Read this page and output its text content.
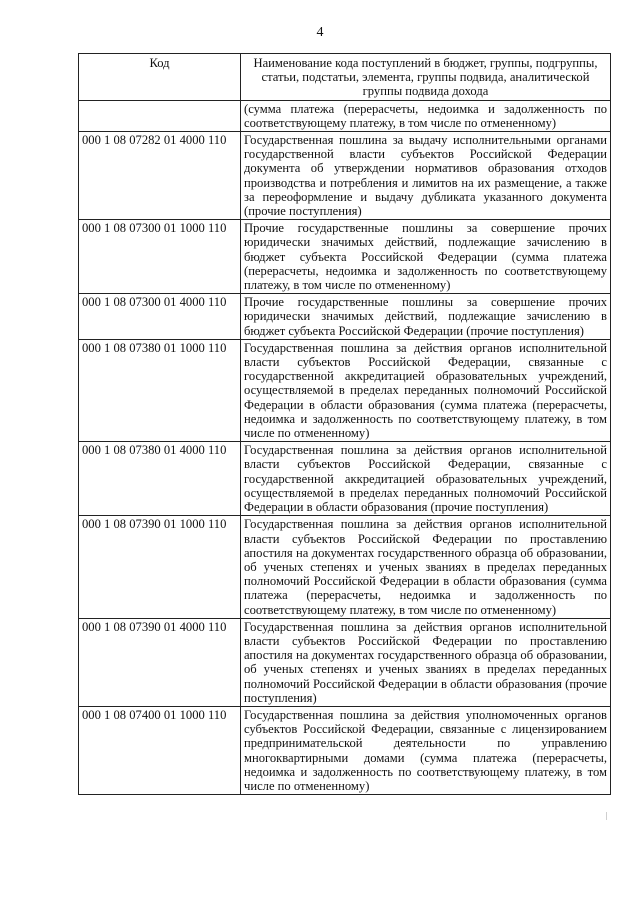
4
Код	Наименование кода поступлений в бюджет, группы, подгруппы, статьи, подстатьи, элемента, группы подвида, аналитической группы подвида дохода
	(сумма платежа (перерасчеты, недоимка и задолженность по соответствующему платежу, в том числе по отмененному)
000 1 08 07282 01 4000 110	Государственная пошлина за выдачу исполнительными органами государственной власти субъектов Российской Федерации документа об утверждении нормативов образования отходов производства и потребления и лимитов на их размещение, а также за переоформление и выдачу дубликата указанного документа (прочие поступления)
000 1 08 07300 01 1000 110	Прочие государственные пошлины за совершение прочих юридически значимых действий, подлежащие зачислению в бюджет субъекта Российской Федерации (сумма платежа (перерасчеты, недоимка и задолженность по соответствующему платежу, в том числе по отмененному)
000 1 08 07300 01 4000 110	Прочие государственные пошлины за совершение прочих юридически значимых действий, подлежащие зачислению в бюджет субъекта Российской Федерации (прочие поступления)
000 1 08 07380 01 1000 110	Государственная пошлина за действия органов исполнительной власти субъектов Российской Федерации, связанные с государственной аккредитацией образовательных учреждений, осуществляемой в пределах переданных полномочий Российской Федерации в области образования (сумма платежа (перерасчеты, недоимка и задолженность по соответствующему платежу, в том числе по отмененному)
000 1 08 07380 01 4000 110	Государственная пошлина за действия органов исполнительной власти субъектов Российской Федерации, связанные с государственной аккредитацией образовательных учреждений, осуществляемой в пределах переданных полномочий Российской Федерации в области образования (прочие поступления)
000 1 08 07390 01 1000 110	Государственная пошлина за действия органов исполнительной власти субъектов Российской Федерации по проставлению апостиля на документах государственного образца об образовании, об ученых степенях и ученых званиях в пределах переданных полномочий Российской Федерации в области образования (сумма платежа (перерасчеты, недоимка и задолженность по соответствующему платежу, в том числе по отмененному)
000 1 08 07390 01 4000 110	Государственная пошлина за действия органов исполнительной власти субъектов Российской Федерации по проставлению апостиля на документах государственного образца об образовании, об ученых степенях и ученых званиях в пределах переданных полномочий Российской Федерации в области образования (прочие поступления)
000 1 08 07400 01 1000 110	Государственная пошлина за действия уполномоченных органов субъектов Российской Федерации, связанные с лицензированием предпринимательской деятельности по управлению многоквартирными домами (сумма платежа (перерасчеты, недоимка и задолженность по соответствующему платежу, в том числе по отмененному)
